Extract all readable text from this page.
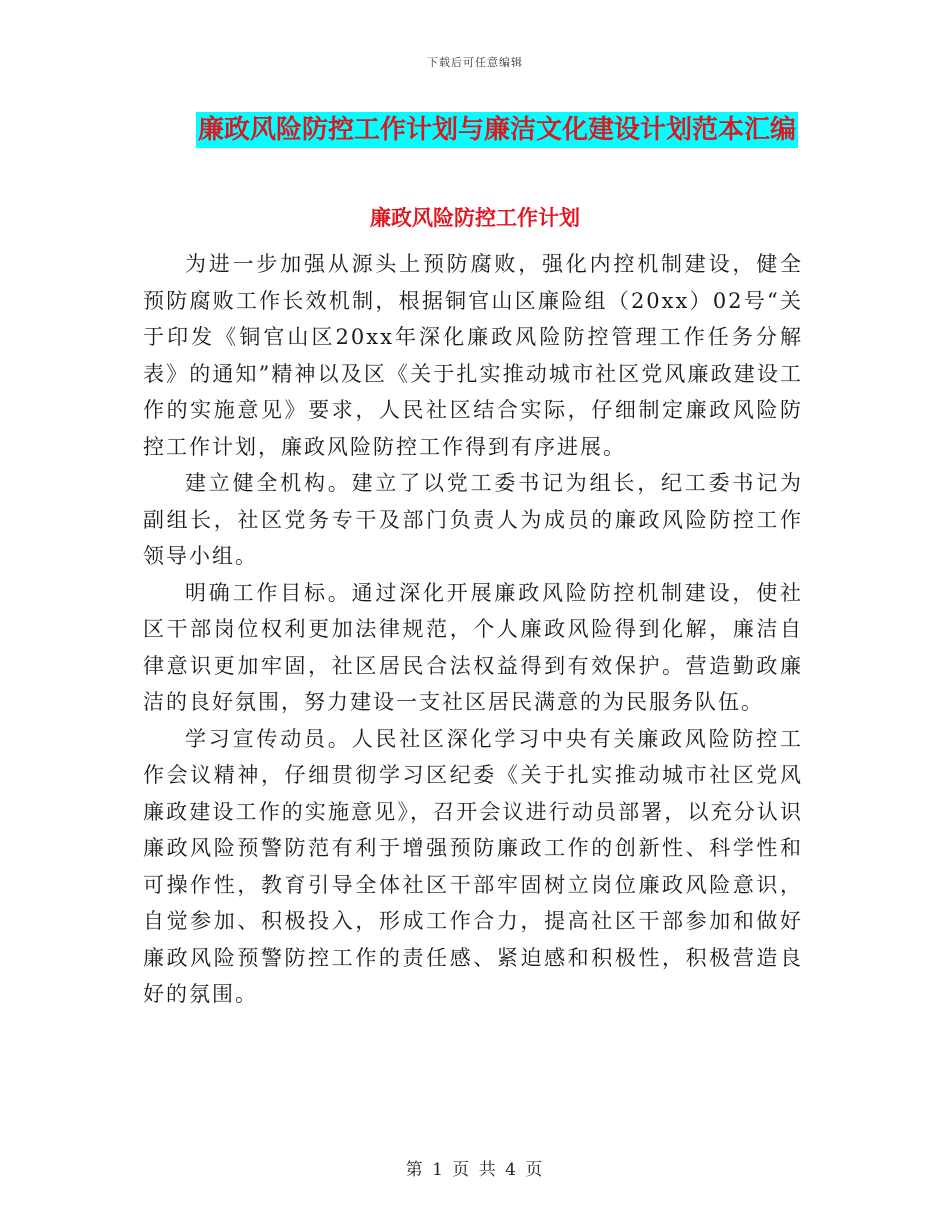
下载后可任意编辑
廉政风险防控工作计划与廉洁文化建设计划范本汇编
廉政风险防控工作计划

为进一步加强从源头上预防腐败，强化内控机制建设，健全预防腐败工作长效机制，根据铜官山区廉险组（20xx）02号“关于印发《铜官山区20xx年深化廉政风险防控管理工作任务分解表》的通知”精神以及区《关于扎实推动城市社区党风廉政建设工作的实施意见》要求，人民社区结合实际，仔细制定廉政风险防控工作计划，廉政风险防控工作得到有序进展。

建立健全机构。建立了以党工委书记为组长，纪工委书记为副组长，社区党务专干及部门负责人为成员的廉政风险防控工作领导小组。

明确工作目标。通过深化开展廉政风险防控机制建设，使社区干部岗位权利更加法律规范，个人廉政风险得到化解，廉洁自律意识更加牢固，社区居民合法权益得到有效保护。营造勤政廉洁的良好氛围，努力建设一支社区居民满意的为民服务队伍。

学习宣传动员。人民社区深化学习中央有关廉政风险防控工作会议精神，仔细贯彻学习区纪委《关于扎实推动城市社区党风廉政建设工作的实施意见》，召开会议进行动员部署，以充分认识廉政风险预警防范有利于增强预防廉政工作的创新性、科学性和可操作性，教育引导全体社区干部牢固树立岗位廉政风险意识，自觉参加、积极投入，形成工作合力，提高社区干部参加和做好廉政风险预警防控工作的责任感、紧迫感和积极性，积极营造良好的氛围。

第 1 页 共 4 页
